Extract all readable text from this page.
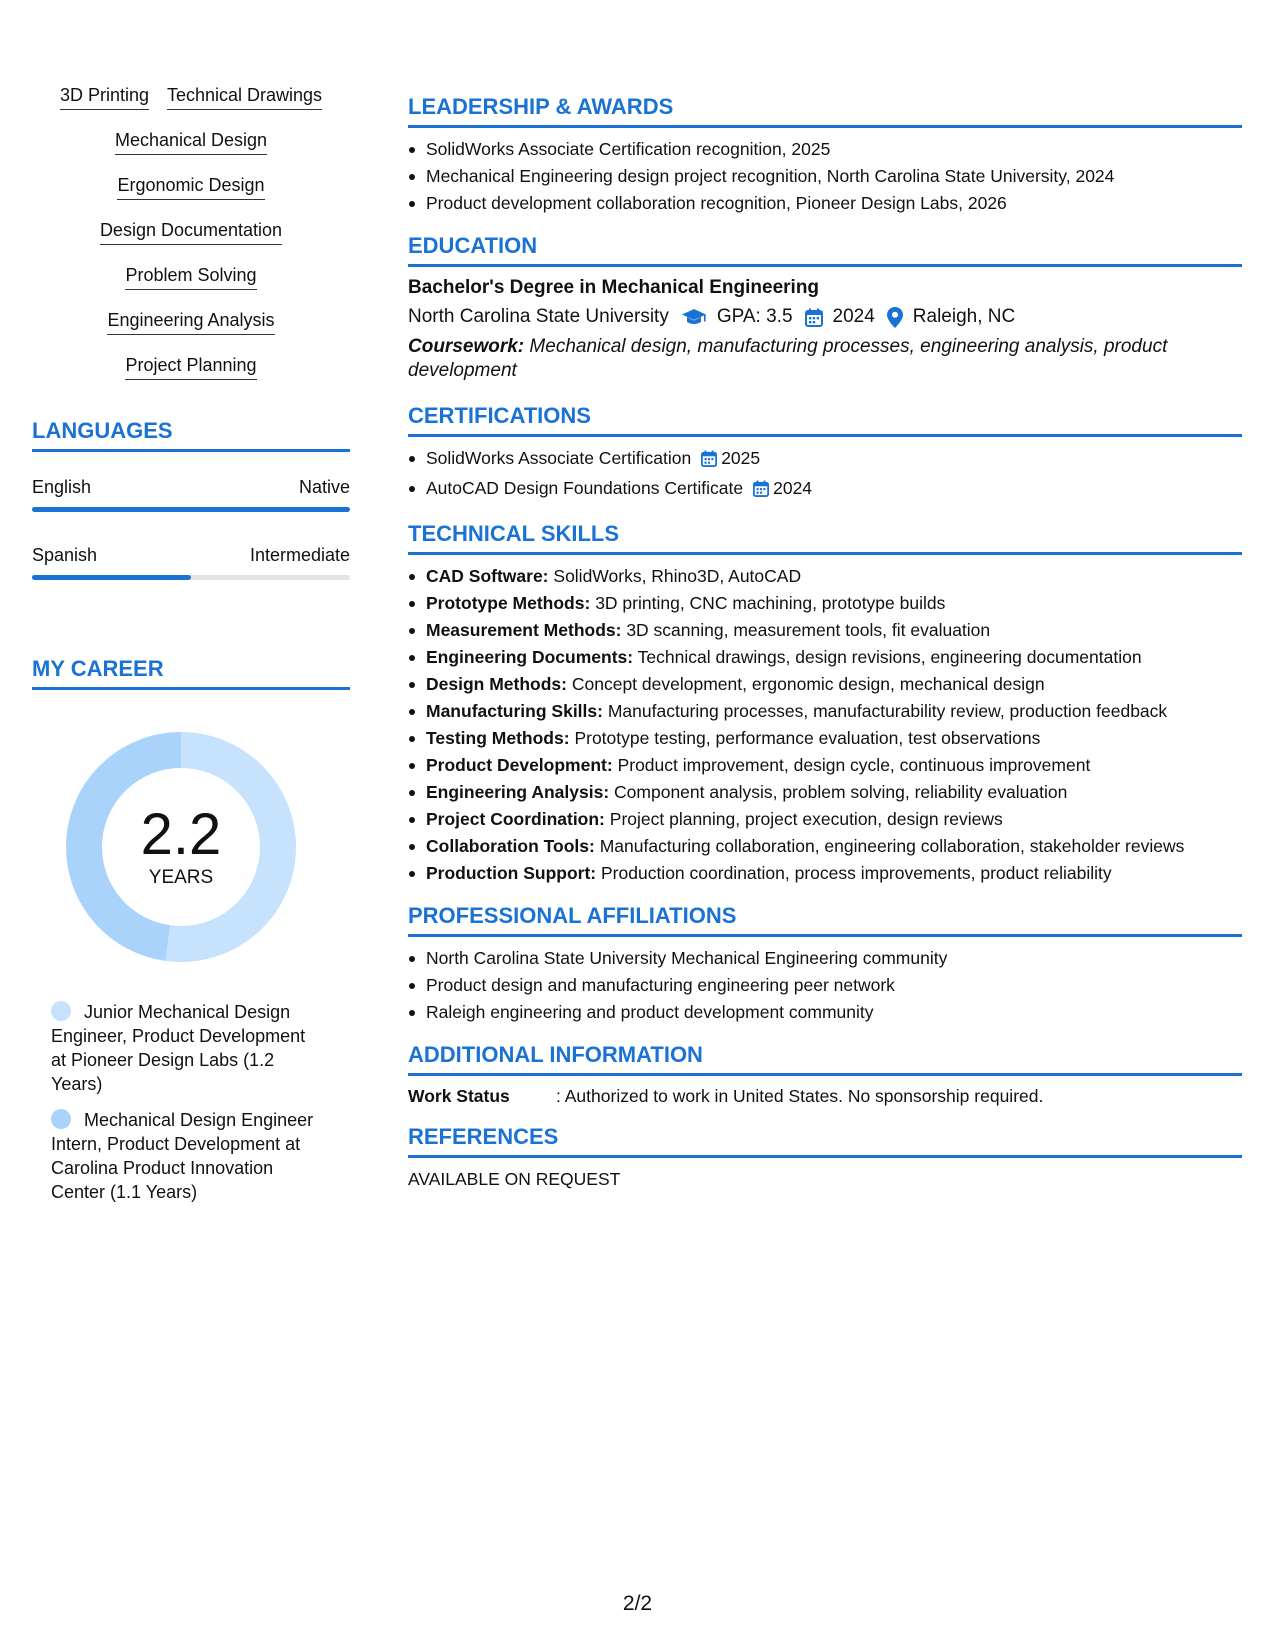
3D Printing Technical Drawings
Mechanical Design
Ergonomic Design
Design Documentation
Problem Solving
Engineering Analysis
Project Planning
LANGUAGES
English	Native
Spanish	Intermediate
MY CAREER
2.2
YEARS
Junior Mechanical Design Engineer, Product Development at Pioneer Design Labs (1.2 Years)
Mechanical Design Engineer Intern, Product Development at Carolina Product Innovation Center (1.1 Years)
LEADERSHIP & AWARDS
SolidWorks Associate Certification recognition, 2025
Mechanical Engineering design project recognition, North Carolina State University, 2024
Product development collaboration recognition, Pioneer Design Labs, 2026
EDUCATION
Bachelor's Degree in Mechanical Engineering
North Carolina State University	GPA: 3.5 2024 Raleigh, NC
Coursework: Mechanical design, manufacturing processes, engineering analysis, product development
CERTIFICATIONS
SolidWorks Associate Certification 2025
AutoCAD Design Foundations Certificate 2024
TECHNICAL SKILLS
CAD Software: SolidWorks, Rhino3D, AutoCAD
Prototype Methods: 3D printing, CNC machining, prototype builds
Measurement Methods: 3D scanning, measurement tools, fit evaluation
Engineering Documents: Technical drawings, design revisions, engineering documentation
Design Methods: Concept development, ergonomic design, mechanical design
Manufacturing Skills: Manufacturing processes, manufacturability review, production feedback
Testing Methods: Prototype testing, performance evaluation, test observations
Product Development: Product improvement, design cycle, continuous improvement
Engineering Analysis: Component analysis, problem solving, reliability evaluation
Project Coordination: Project planning, project execution, design reviews
Collaboration Tools: Manufacturing collaboration, engineering collaboration, stakeholder reviews
Production Support: Production coordination, process improvements, product reliability
PROFESSIONAL AFFILIATIONS
North Carolina State University Mechanical Engineering community
Product design and manufacturing engineering peer network
Raleigh engineering and product development community
ADDITIONAL INFORMATION
Work Status	: Authorized to work in United States. No sponsorship required.
REFERENCES
AVAILABLE ON REQUEST
2/2
